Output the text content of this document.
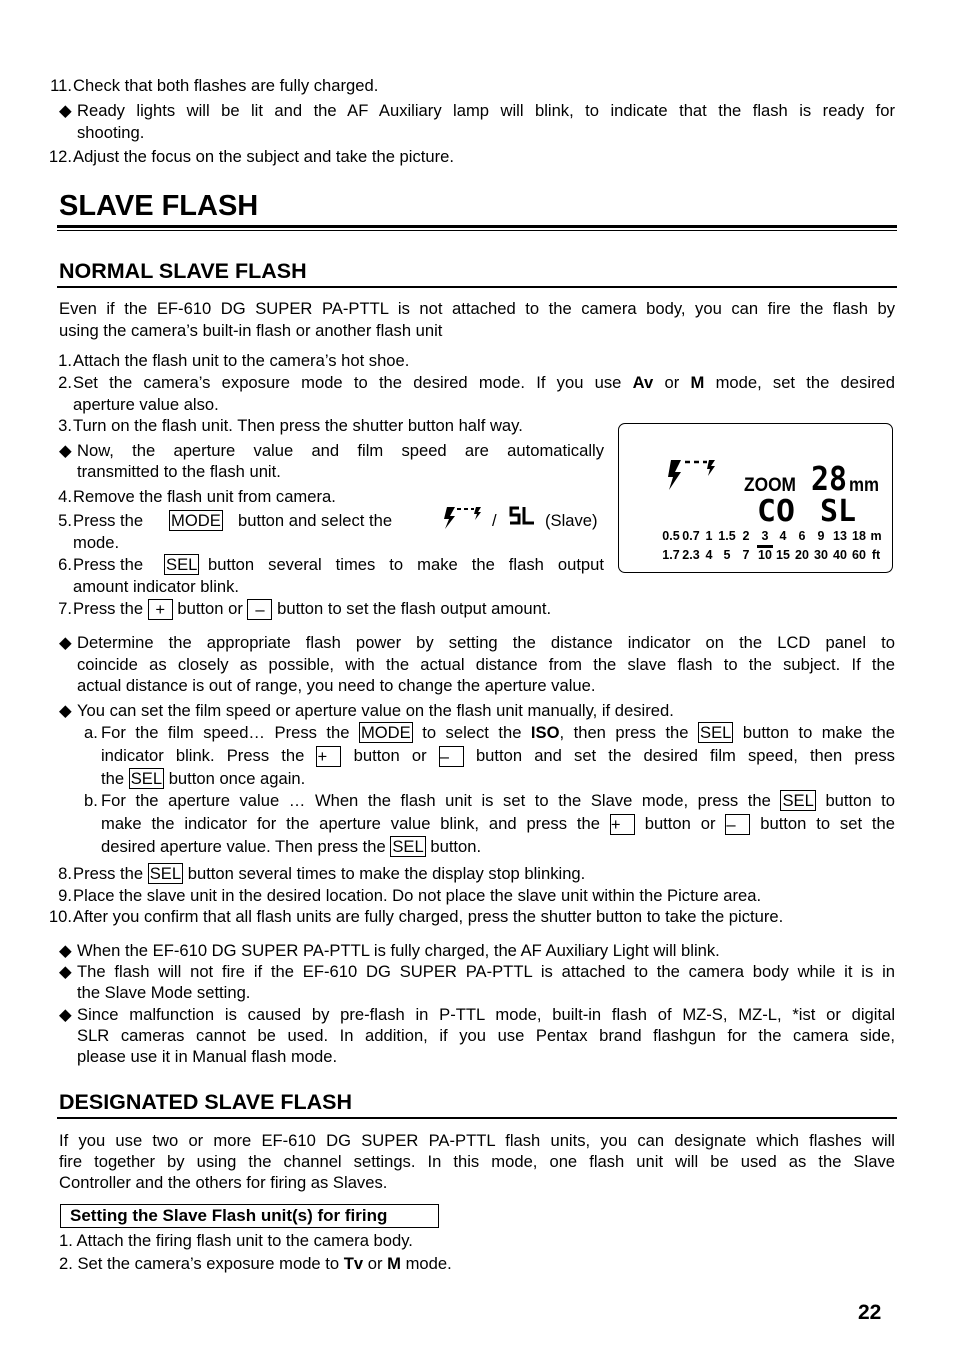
11. Check that both flashes are fully charged.
◆ Ready lights will be lit and the AF Auxiliary lamp will blink, to indicate that the flash is ready for
shooting.
12. Adjust the focus on the subject and take the picture.
SLAVE FLASH
NORMAL SLAVE FLASH
Even if the EF-610 DG SUPER PA-PTTL is not attached to the camera body, you can fire the flash by
using the camera’s built-in flash or another flash unit
1. Attach the flash unit to the camera’s hot shoe.
2. Set the camera’s exposure mode to the desired mode. If you use Av or M mode, set the desired
aperture value also.
3. Turn on the flash unit. Then press the shutter button half way.
◆ Now, the aperture value and film speed are automatically
transmitted to the flash unit.
4. Remove the flash unit from camera.
5. Press the MODE button and select the	/	(Slave)
mode.
6. Press the SEL button several times to make the flash output
amount indicator blink.
7. Press the + button or – button to set the flash output amount.
ZOOM 28 mm
CO SL
0.5 0.7 1 1.5 2 3 4 6 9 13 18 m
1.7 2.3 4 5 7 10 15 20 30 40 60 ft
◆ Determine the appropriate flash power by setting the distance indicator on the LCD panel to
coincide as closely as possible, with the actual distance from the slave flash to the subject. If the
actual distance is out of range, you need to change the aperture value.
◆ You can set the film speed or aperture value on the flash unit manually, if desired.
a. For the film speed… Press the MODE to select the ISO, then press the SEL button to make the
indicator blink. Press the + button or – button and set the desired film speed, then press
the SEL button once again.
b. For the aperture value … When the flash unit is set to the Slave mode, press the SEL button to
make the indicator for the aperture value blink, and press the + button or – button to set the
desired aperture value. Then press the SEL button.
8. Press the SEL button several times to make the display stop blinking.
9. Place the slave unit in the desired location. Do not place the slave unit within the Picture area.
10. After you confirm that all flash units are fully charged, press the shutter button to take the picture.
◆ When the EF-610 DG SUPER PA-PTTL is fully charged, the AF Auxiliary Light will blink.
◆ The flash will not fire if the EF-610 DG SUPER PA-PTTL is attached to the camera body while it is in
the Slave Mode setting.
◆ Since malfunction is caused by pre-flash in P-TTL mode, built-in flash of MZ-S, MZ-L, *ist or digital
SLR cameras cannot be used. In addition, if you use Pentax brand flashgun for the camera side,
please use it in Manual flash mode.
DESIGNATED SLAVE FLASH
If you use two or more EF-610 DG SUPER PA-PTTL flash units, you can designate which flashes will
fire together by using the channel settings. In this mode, one flash unit will be used as the Slave
Controller and the others for firing as Slaves.
Setting the Slave Flash unit(s) for firing
1. Attach the firing flash unit to the camera body.
2. Set the camera’s exposure mode to Tv or M mode.
22
